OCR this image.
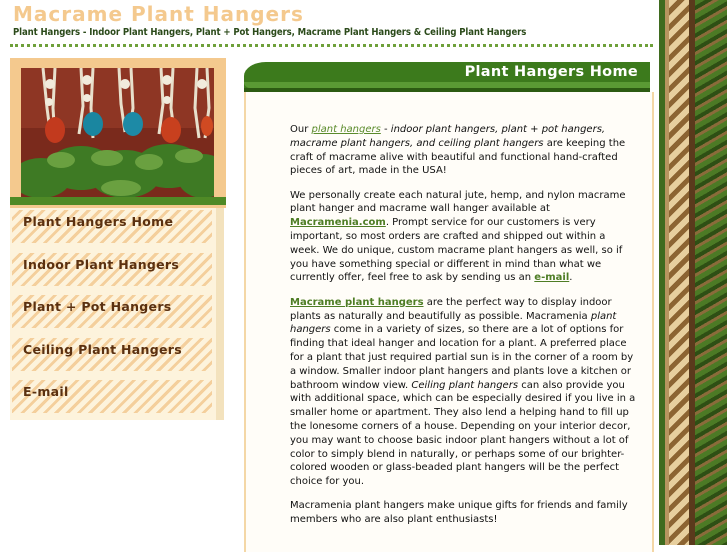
Macrame Plant Hangers
Plant Hangers - Indoor Plant Hangers, Plant + Pot Hangers, Macrame Plant Hangers & Ceiling Plant Hangers
Plant Hangers Home
Indoor Plant Hangers
Plant + Pot Hangers
Ceiling Plant Hangers
E-mail
Plant Hangers Home

Our plant hangers - indoor plant hangers, plant + pot hangers, macrame plant hangers, and ceiling plant hangers are keeping the craft of macrame alive with beautiful and functional hand-crafted pieces of art, made in the USA!

We personally create each natural jute, hemp, and nylon macrame plant hanger and macrame wall hanger available at Macramenia.com. Prompt service for our customers is very important, so most orders are crafted and shipped out within a week. We do unique, custom macrame plant hangers as well, so if you have something special or different in mind than what we currently offer, feel free to ask by sending us an e-mail.

Macrame plant hangers are the perfect way to display indoor plants as naturally and beautifully as possible. Macramenia plant hangers come in a variety of sizes, so there are a lot of options for finding that ideal hanger and location for a plant. A preferred place for a plant that just required partial sun is in the corner of a room by a window. Smaller indoor plant hangers and plants love a kitchen or bathroom window view. Ceiling plant hangers can also provide you with additional space, which can be especially desired if you live in a smaller home or apartment. They also lend a helping hand to fill up the lonesome corners of a house. Depending on your interior decor, you may want to choose basic indoor plant hangers without a lot of color to simply blend in naturally, or perhaps some of our brighter-colored wooden or glass-beaded plant hangers will be the perfect choice for you.

Macramenia plant hangers make unique gifts for friends and family members who are also plant enthusiasts!
